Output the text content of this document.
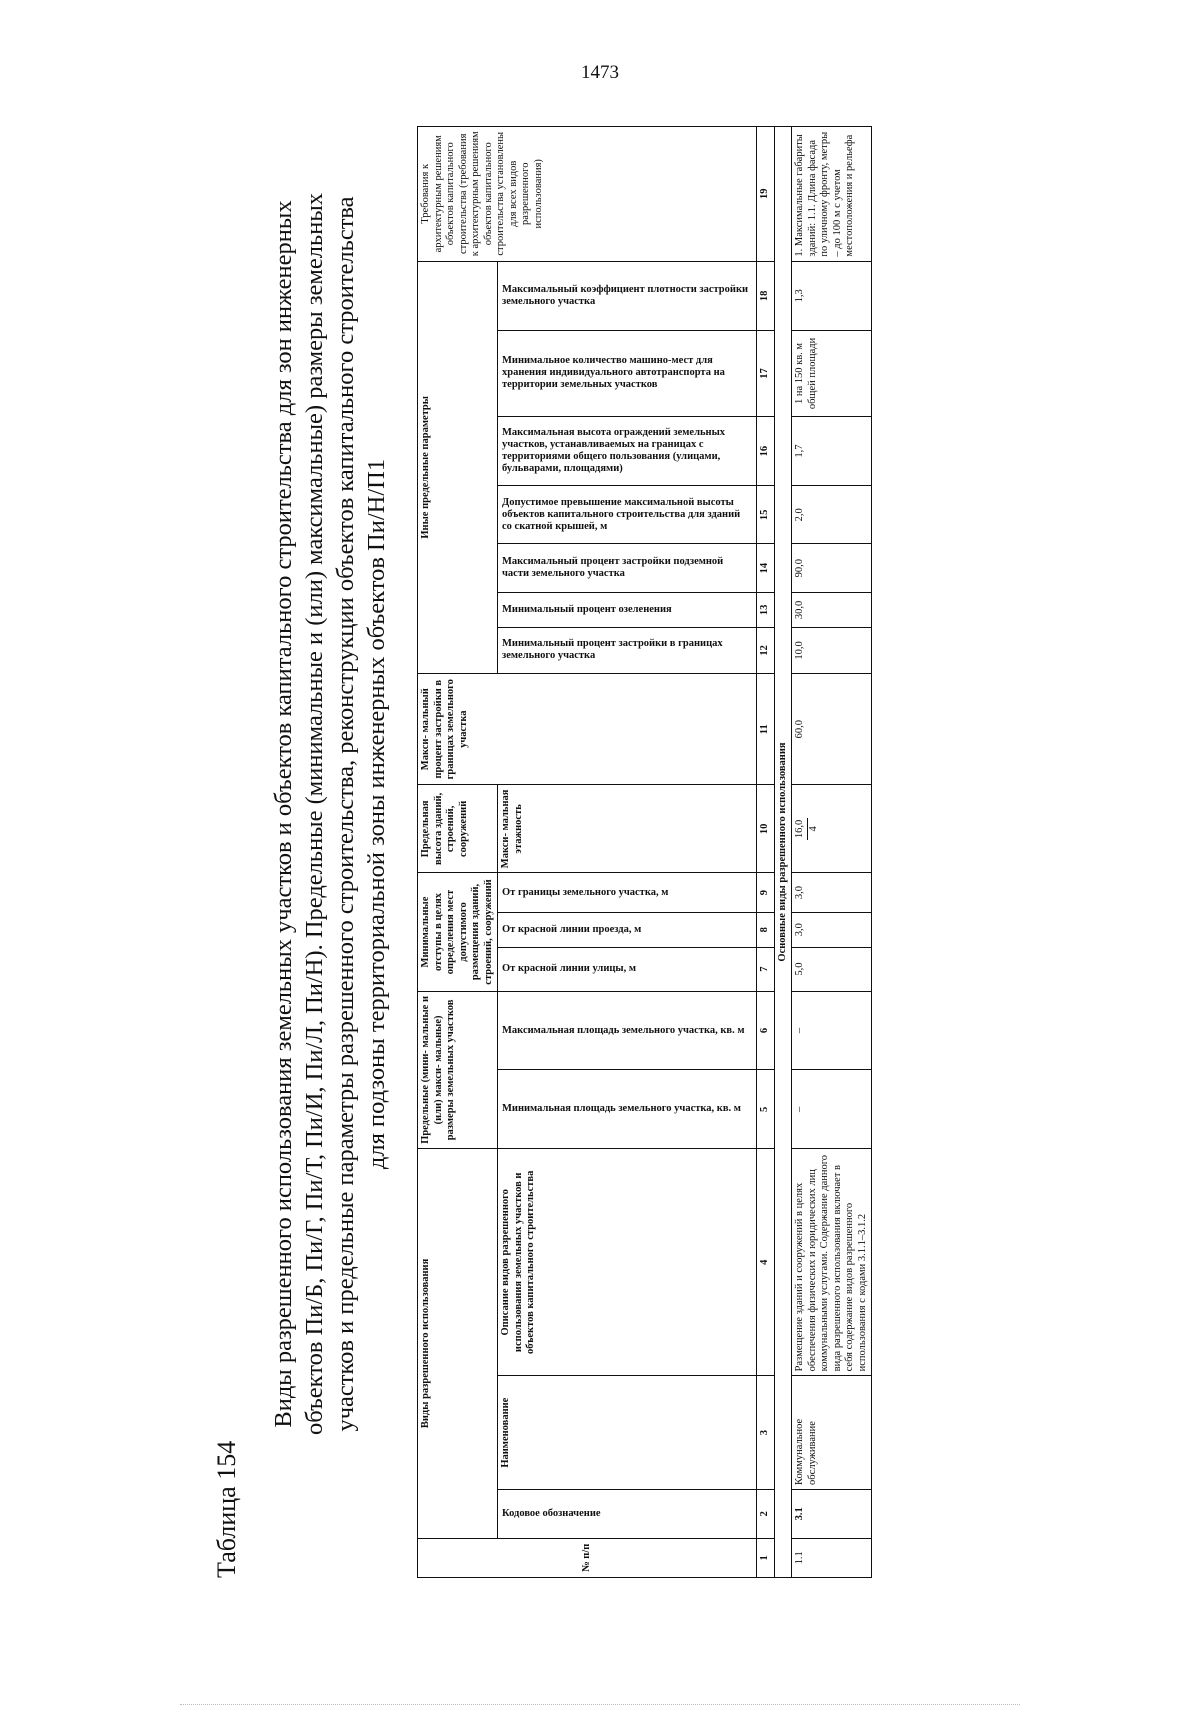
1473
Таблица 154
Виды разрешенного использования земельных участков и объектов капитального строительства для зон инженерных объектов Пи/Б, Пи/Г, Пи/Т, Пи/И, Пи/Л, Пи/Н). Предельные (минимальные и (или) максимальные) размеры земельных участков и предельные параметры разрешенного строительства, реконструкции объектов капитального строительства для подзоны территориальной зоны инженерных объектов Пи/Н/П1
№ п/п	Виды разрешенного использования			Предельные (мини- мальные и (или) макси- мальные) размеры земельных участков		Минимальные отступы в целях определения мест допустимого размещения зданий, строений, сооружений			Предельная высота зданий, строений, сооружений	Макси- мальный процент застройки в границах земельного участка	Иные предельные параметры							Требования к архитектурным решениям объектов капитального строительства (требования к архитектурным решениям объектов капитального строительства установлены для всех видов разрешенного использования)

	Кодовое обозначение	Наименование	Описание видов разрешенного использования земельных участков и объектов капитального строительства	Минимальная площадь земельного участка, кв. м	Максимальная площадь земельного участка, кв. м	От красной линии улицы, м	От красной линии проезда, м	От границы земельного участка, м	Макси- мальная этажность		Минимальный процент застройки в границах земельного участка	Минимальный процент озеленения	Максимальный процент застройки подземной части земельного участка	Допустимое превышение максимальной высоты объектов капитального строительства для зданий со скатной крышей, м	Максимальная высота ограждений земельных участков, устанавливаемых на границах с территориями общего пользования (улицами, бульварами, площадями)	Минимальное количество машино-мест для хранения индивидуального автотранспорта на территории земельных участков	Максимальный коэффициент плотности застройки земельного участка	

1	2	3	4	5	6	7	8	9	10	11	12	13	14	15	16	17	18	19
Основные виды разрешенного использования																		
1.1	3.1	Коммунальное обслуживание	Размещение зданий и сооружений в целях обеспечения физических и юридических лиц коммунальными услугами. Содержание данного вида разрешенного использования включает в себя содержание видов разрешенного использования с кодами 3.1.1–3.1.2	–	–	5,0	3,0	3,0	16,0 4	60,0	10,0	30,0	90,0	2,0	1,7	1 на 150 кв. м общей площади	1,3	1. Максимальные габариты зданий: 1.1. Длина фасада по уличному фронту, метры – до 100 м с учетом местоположения и рельефа
